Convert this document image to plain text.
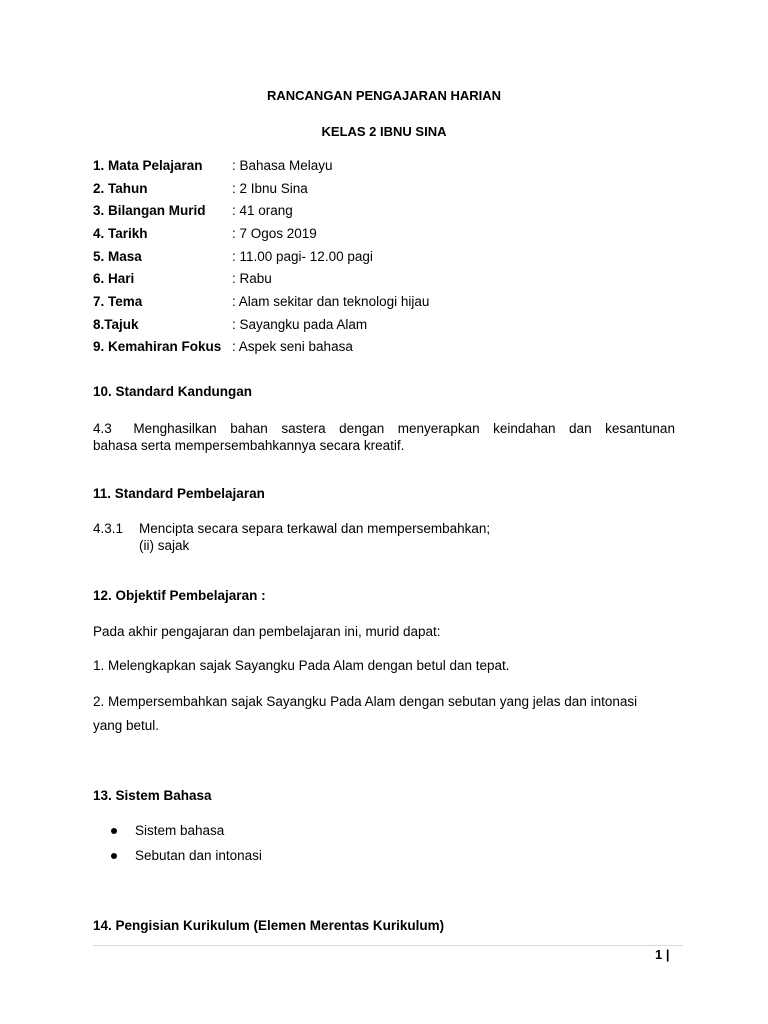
RANCANGAN PENGAJARAN HARIAN
KELAS 2 IBNU SINA
1. Mata Pelajaran	: Bahasa Melayu
2. Tahun	: 2 Ibnu Sina
3. Bilangan Murid	: 41 orang
4. Tarikh	: 7 Ogos 2019
5. Masa	: 11.00 pagi- 12.00 pagi
6. Hari	: Rabu
7. Tema	: Alam sekitar dan teknologi hijau
8.Tajuk	: Sayangku pada Alam
9. Kemahiran Fokus : Aspek seni bahasa
10. Standard Kandungan
4.3 Menghasilkan bahan sastera dengan menyerapkan keindahan dan kesantunan
bahasa serta mempersembahkannya secara kreatif.
11. Standard Pembelajaran
4.3.1 Mencipta secara separa terkawal dan mempersembahkan;
(ii) sajak
12. Objektif Pembelajaran :
Pada akhir pengajaran dan pembelajaran ini, murid dapat:
1. Melengkapkan sajak Sayangku Pada Alam dengan betul dan tepat.
2. Mempersembahkan sajak Sayangku Pada Alam dengan sebutan yang jelas dan intonasi
yang betul.
13. Sistem Bahasa
Sistem bahasa
Sebutan dan intonasi
14. Pengisian Kurikulum (Elemen Merentas Kurikulum)
1 |
